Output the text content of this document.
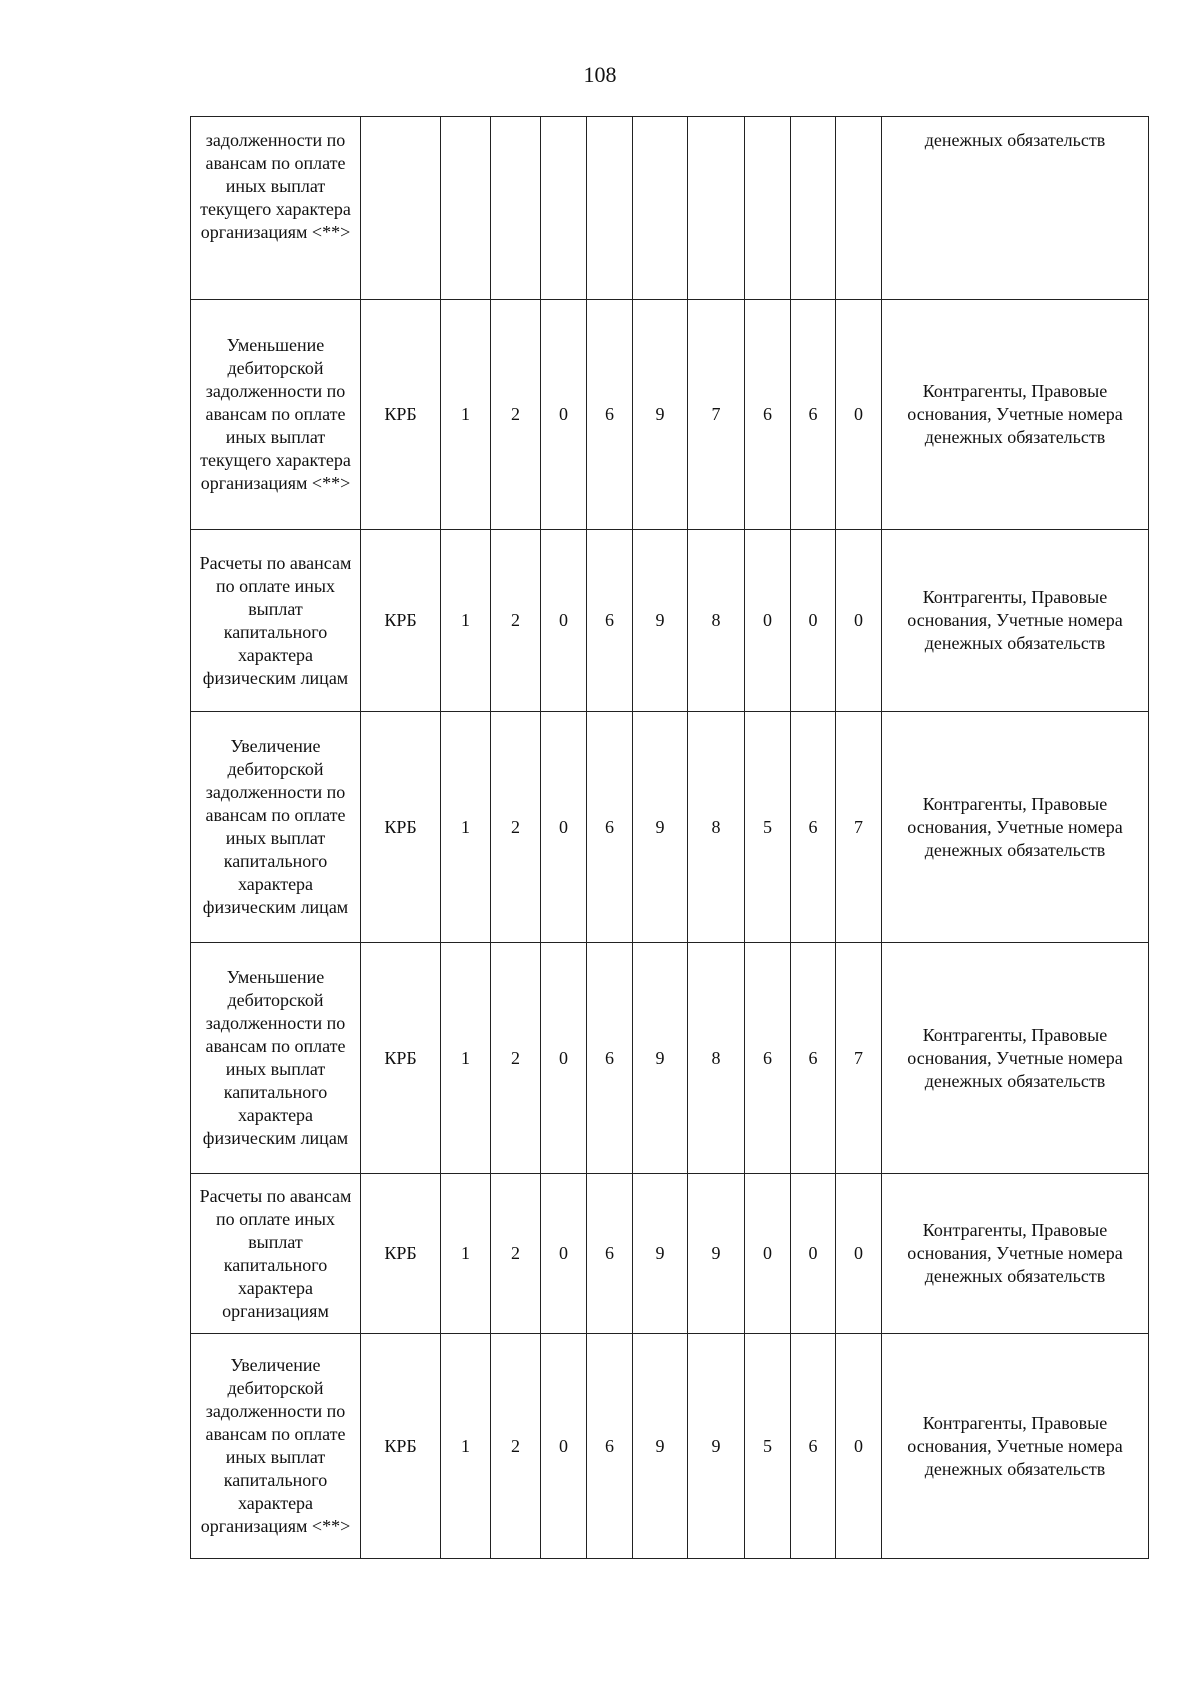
108
задолженности по авансам по оплате иных выплат текущего характера организациям <**>											денежных обязательств
Уменьшение дебиторской задолженности по авансам по оплате иных выплат текущего характера организациям <**>	КРБ	1	2	0	6	9	7	6	6	0	Контрагенты, Правовые основания, Учетные номера денежных обязательств
Расчеты по авансам по оплате иных выплат капитального характера физическим лицам	КРБ	1	2	0	6	9	8	0	0	0	Контрагенты, Правовые основания, Учетные номера денежных обязательств
Увеличение дебиторской задолженности по авансам по оплате иных выплат капитального характера физическим лицам	КРБ	1	2	0	6	9	8	5	6	7	Контрагенты, Правовые основания, Учетные номера денежных обязательств
Уменьшение дебиторской задолженности по авансам по оплате иных выплат капитального характера физическим лицам	КРБ	1	2	0	6	9	8	6	6	7	Контрагенты, Правовые основания, Учетные номера денежных обязательств
Расчеты по авансам по оплате иных выплат капитального характера организациям	КРБ	1	2	0	6	9	9	0	0	0	Контрагенты, Правовые основания, Учетные номера денежных обязательств
Увеличение дебиторской задолженности по авансам по оплате иных выплат капитального характера организациям <**>	КРБ	1	2	0	6	9	9	5	6	0	Контрагенты, Правовые основания, Учетные номера денежных обязательств
